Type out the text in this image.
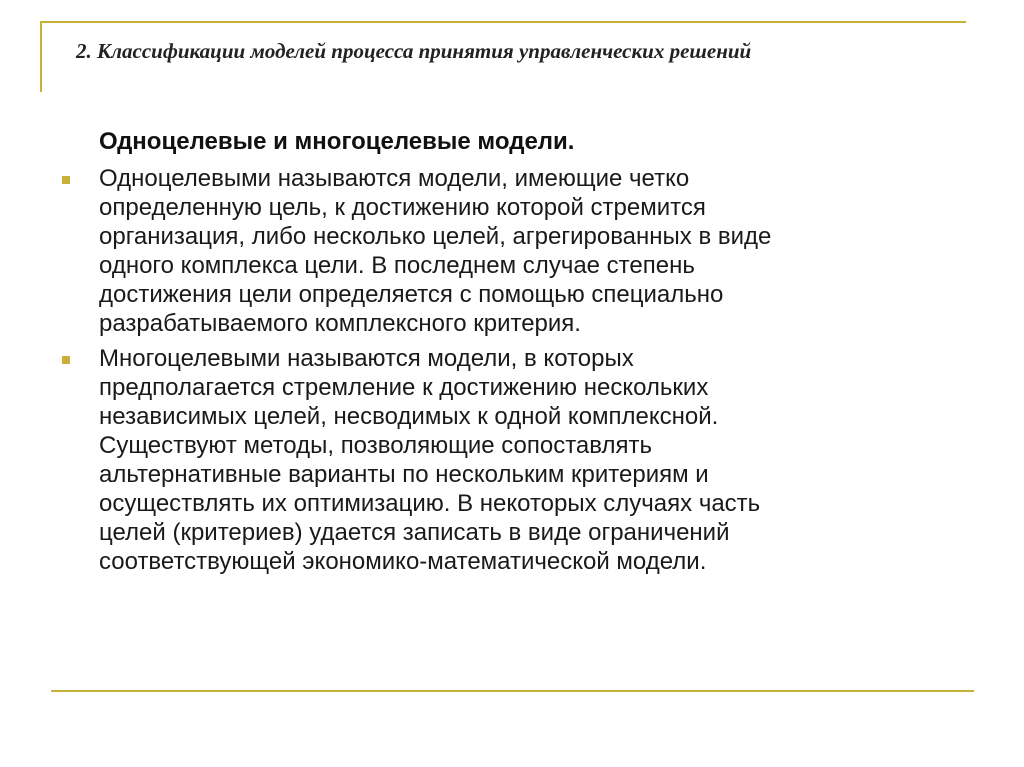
2. Классификации моделей процесса принятия управленческих решений
Одноцелевые и многоцелевые модели.
Одноцелевыми называются модели, имеющие четко
определенную цель, к достижению которой стремится
организация, либо несколько целей, агрегированных в виде
одного комплекса цели. В последнем случае степень
достижения цели определяется с помощью специально
разрабатываемого комплексного критерия.
Многоцелевыми называются модели, в которых
предполагается стремление к достижению нескольких
независимых целей, несводимых к одной комплексной.
Существуют методы, позволяющие сопоставлять
альтернативные варианты по нескольким критериям и
осуществлять их оптимизацию. В некоторых случаях часть
целей (критериев) удается записать в виде ограничений
соответствующей экономико-математической модели.
